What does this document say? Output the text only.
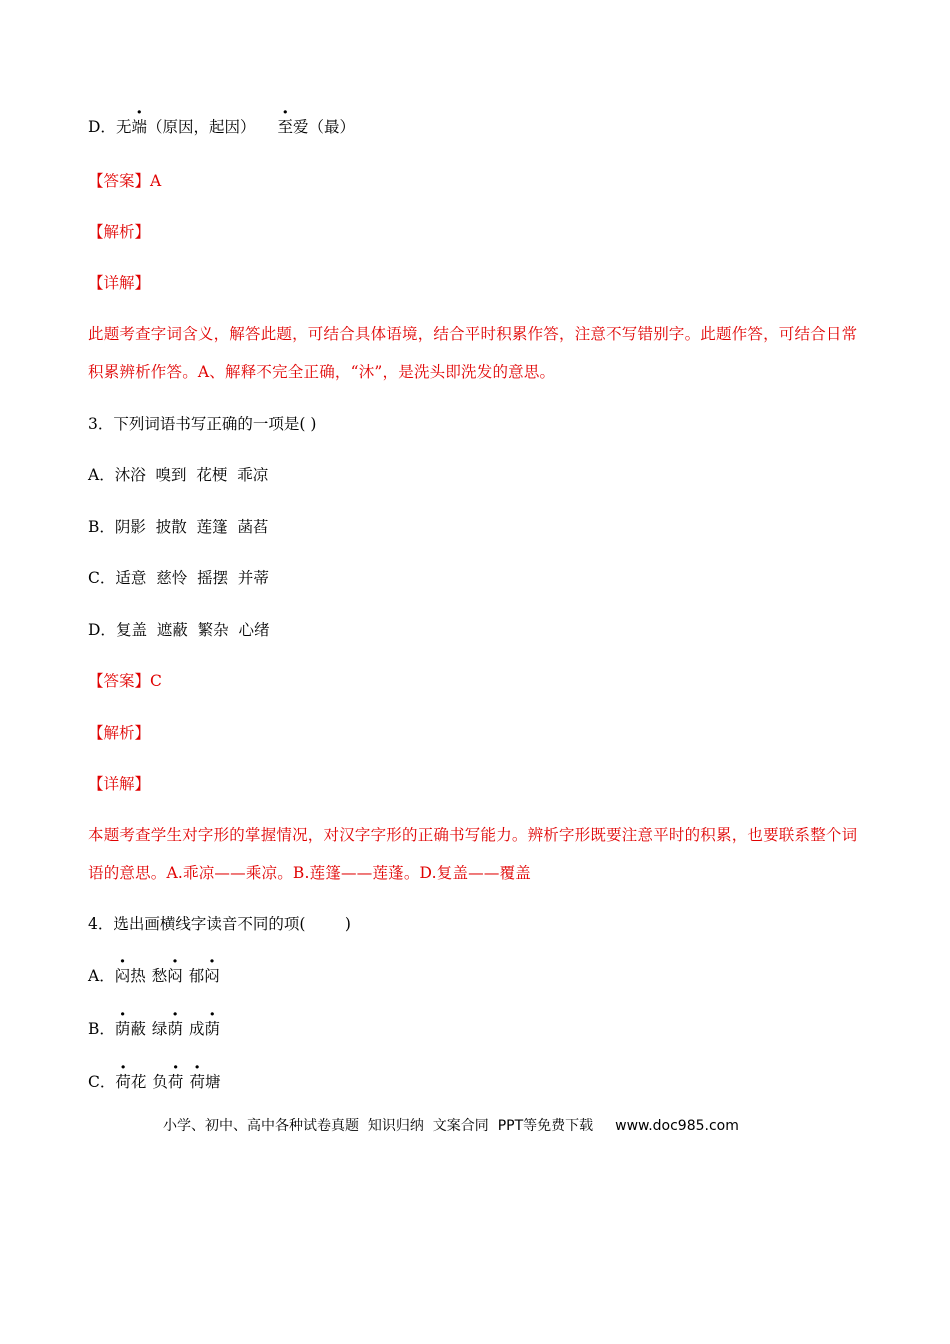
D．无端（原因，起因） 至爱（最）
【答案】A
【解析】
【详解】
此题考查字词含义，解答此题，可结合具体语境，结合平时积累作答，注意不写错别字。此题作答，可结合日常积累辨析作答。A、解释不完全正确，“沐”，是洗头即洗发的意思。
3．下列词语书写正确的一项是( )
A．沐浴  嗅到  花梗  乖凉
B．阴影  披散  莲篷  菡萏
C．适意  慈怜  摇摆  并蒂
D．复盖  遮蔽  繁杂  心绪
【答案】C
【解析】
【详解】
本题考查学生对字形的掌握情况，对汉字字形的正确书写能力。辨析字形既要注意平时的积累，也要联系整个词语的意思。A.乖凉——乘凉。B.莲篷——莲蓬。D.复盖——覆盖
4．选出画横线字读音不同的项(        )
A．闷热 愁闷 郁闷
B．荫蔽 绿荫 成荫
C．荷花 负荷 荷塘
小学、初中、高中各种试卷真题  知识归纳  文案合同  PPT等免费下载 www.doc985.com
